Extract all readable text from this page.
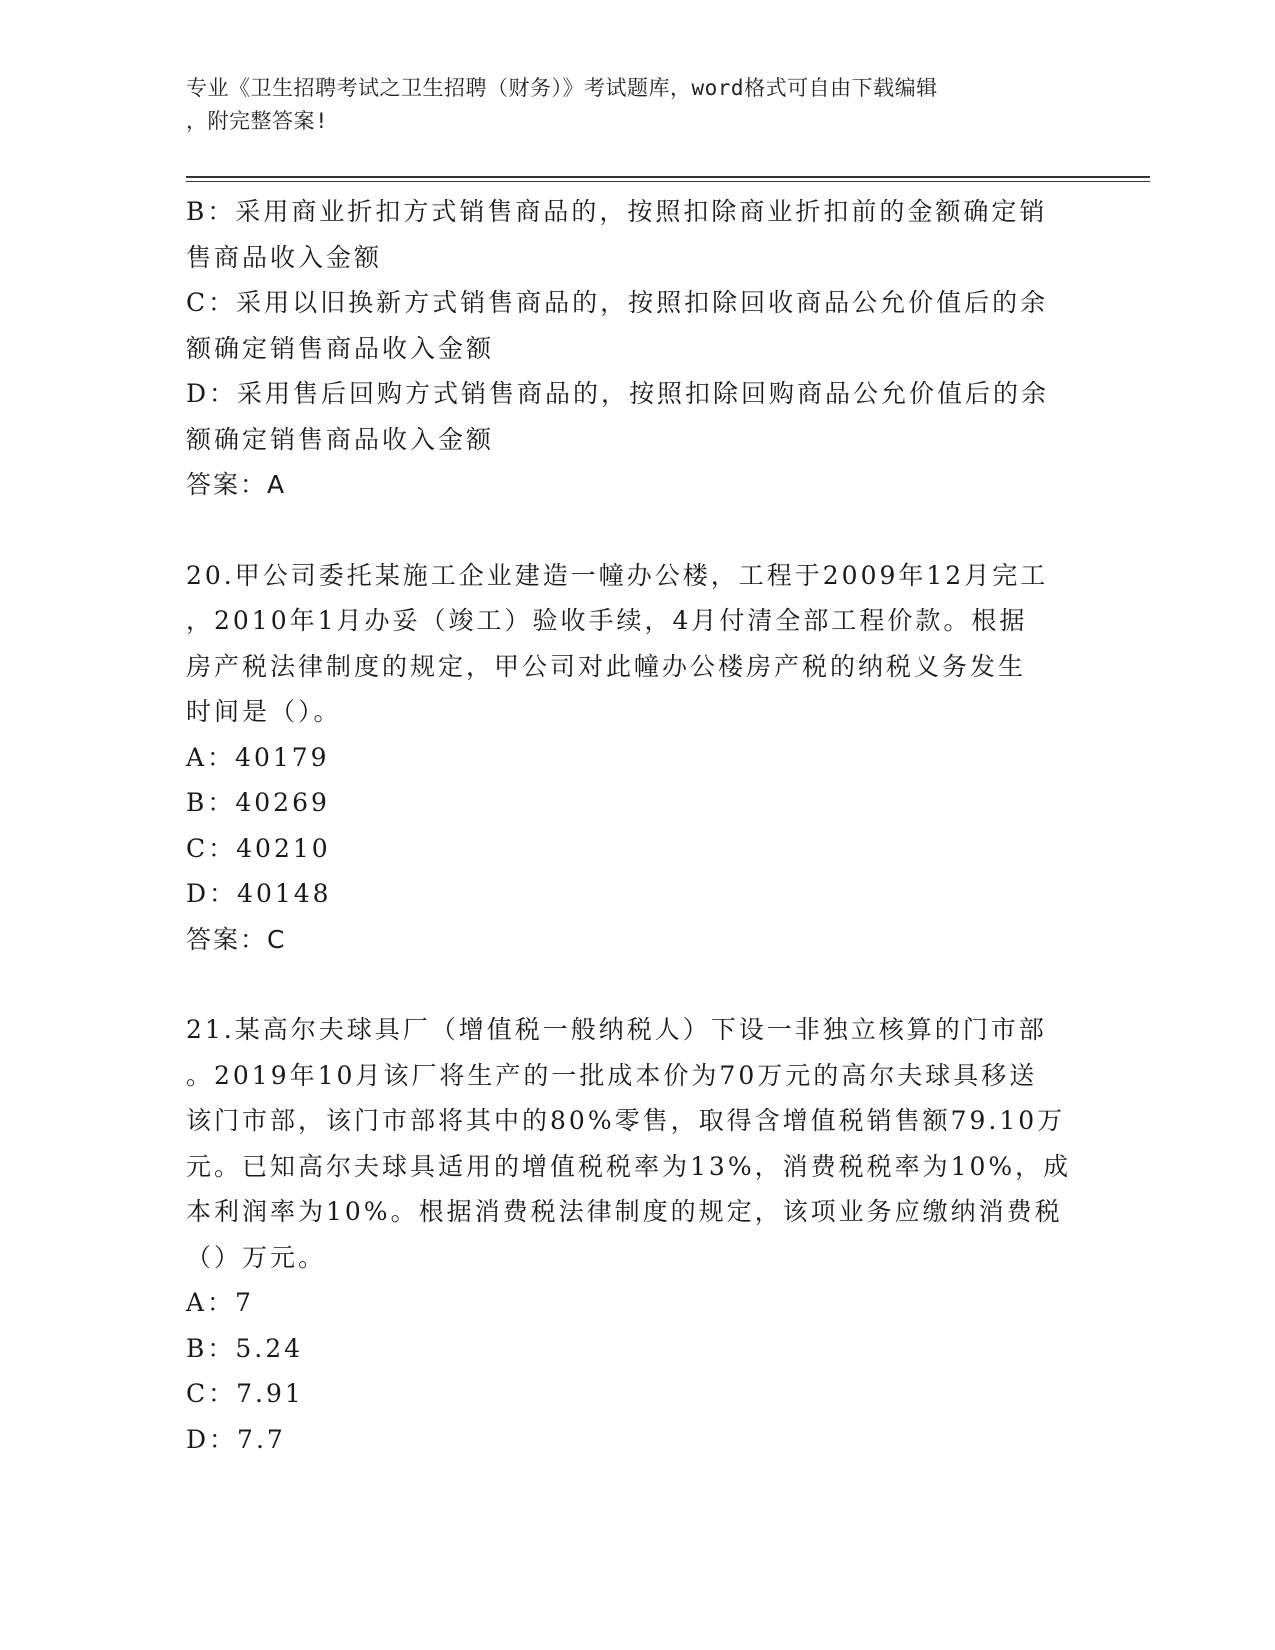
专业《卫生招聘考试之卫生招聘（财务）》考试题库，word格式可自由下载编辑
，附完整答案!
B：采用商业折扣方式销售商品的，按照扣除商业折扣前的金额确定销
售商品收入金额
C：采用以旧换新方式销售商品的，按照扣除回收商品公允价值后的余
额确定销售商品收入金额
D：采用售后回购方式销售商品的，按照扣除回购商品公允价值后的余
额确定销售商品收入金额
答案：A
20.甲公司委托某施工企业建造一幢办公楼，工程于2009年12月完工
，2010年1月办妥（竣工）验收手续，4月付清全部工程价款。根据
房产税法律制度的规定，甲公司对此幢办公楼房产税的纳税义务发生
时间是（）。
A：40179
B：40269
C：40210
D：40148
答案：C
21.某高尔夫球具厂（增值税一般纳税人）下设一非独立核算的门市部
。2019年10月该厂将生产的一批成本价为70万元的高尔夫球具移送
该门市部，该门市部将其中的80%零售，取得含增值税销售额79.10万
元。已知高尔夫球具适用的增值税税率为13%，消费税税率为10%，成
本利润率为10%。根据消费税法律制度的规定，该项业务应缴纳消费税
（）万元。
A：7
B：5.24
C：7.91
D：7.7
